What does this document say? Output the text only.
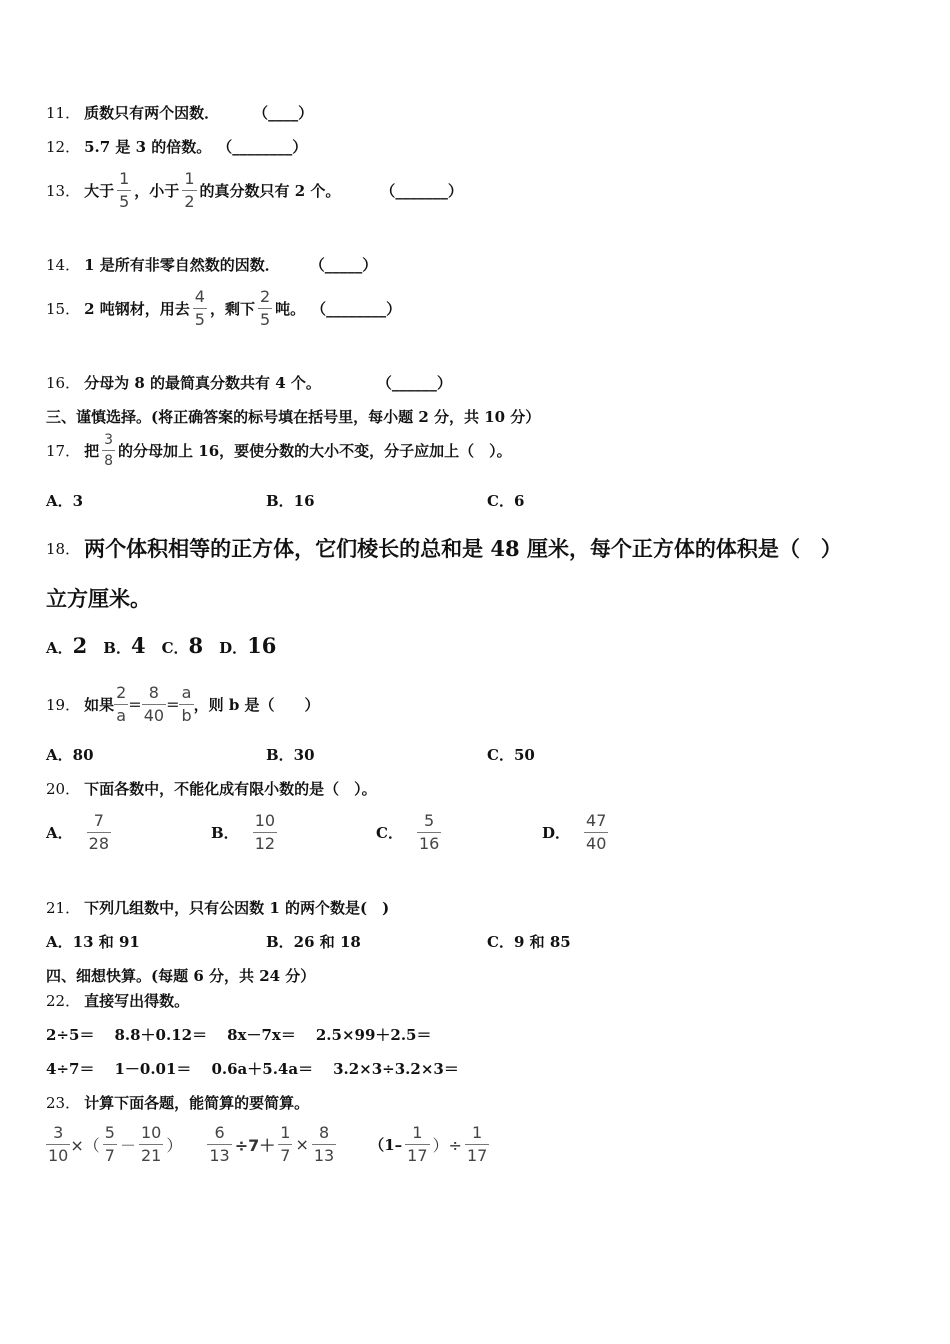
11． 质数只有两个因数． （____）
12． 5.7 是 3 的倍数。 （________）
13． 大于 $\frac{1}{5}$ ，小于 $\frac{1}{2}$ 的真分数只有 2 个。	（_______）
14． 1 是所有非零自然数的因数． （_____）
15． 2 吨钢材，用去 $\frac{4}{5}$ ，剩下 $\frac{2}{5}$ 吨。 （________）
16． 分母为 8 的最简真分数共有 4 个。	（______）
三、谨慎选择。(将正确答案的标号填在括号里，每小题 2 分，共 10 分）
17． 把 $\frac{3}{8}$ 的分母加上 16，要使分数的大小不变，分子应加上（　）。
A．3	B．16	C．6
18． 两个体积相等的正方体，它们棱长的总和是 48 厘米，每个正方体的体积是（　）
立方厘米。
A．2 B．4 C．8 D．16
19． 如果 $\frac{2}{a} = \frac{8}{40} = \frac{a}{b}$ ，则 b 是（　　）
A．80	B．30	C．50
20． 下面各数中，不能化成有限小数的是（　）。
A． $\frac{7}{28}$	B． $\frac{10}{12}$	C． $\frac{5}{16}$	D． $\frac{47}{40}$
21． 下列几组数中，只有公因数 1 的两个数是(　)
A．13 和 91	B．26 和 18	C．9 和 85
四、细想快算。(每题 6 分，共 24 分）
22． 直接写出得数。
2÷5＝ 8.8＋0.12＝ 8x－7x＝ 2.5×99＋2.5＝
4÷7＝ 1－0.01＝ 0.6a＋5.4a＝ 3.2×3÷3.2×3＝
23． 计算下面各题，能简算的要简算。
$\frac{3}{10}$ ×（ $\frac{5}{7} - \frac{10}{21}$ ） $\frac{6}{13} \div 7+ \frac{1}{7} \times \frac{8}{13} (1- \frac{1}{17}$ ）÷ $\frac{1}{17}$
